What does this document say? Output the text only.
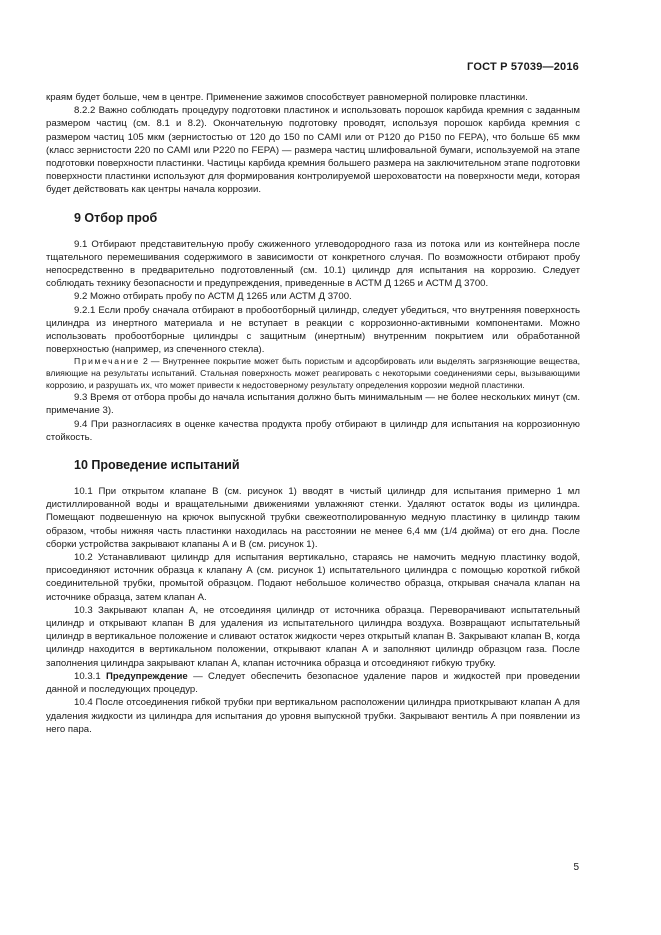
ГОСТ Р 57039—2016

краям будет больше, чем в центре. Применение зажимов способствует равномерной полировке пластинки.

8.2.2 Важно соблюдать процедуру подготовки пластинок и использовать порошок карбида кремния с заданным размером частиц (см. 8.1 и 8.2). Окончательную подготовку проводят, используя порошок карбида кремния с размером частиц 105 мкм (зернистостью от 120 до 150 по CAMI или от P120 до P150 по FEPA), что больше 65 мкм (класс зернистости 220 по CAMI или P220 по FEPA) — размера частиц шлифовальной бумаги, используемой на этапе подготовки поверхности пластинки. Частицы карбида кремния большего размера на заключительном этапе подготовки поверхности пластинки используют для формирования контролируемой шероховатости на поверхности меди, которая будет действовать как центры начала коррозии.

9 Отбор проб

9.1 Отбирают представительную пробу сжиженного углеводородного газа из потока или из контейнера после тщательного перемешивания содержимого в зависимости от конкретного случая. По возможности отбирают пробу непосредственно в предварительно подготовленный (см. 10.1) цилиндр для испытания на коррозию. Следует соблюдать технику безопасности и предупреждения, приведенные в АСТМ Д 1265 и АСТМ Д 3700.

9.2 Можно отбирать пробу по АСТМ Д 1265 или АСТМ Д 3700.

9.2.1 Если пробу сначала отбирают в пробоотборный цилиндр, следует убедиться, что внутренняя поверхность цилиндра из инертного материала и не вступает в реакции с коррозионно-активными компонентами. Можно использовать пробоотборные цилиндры с защитным (инертным) внутренним покрытием или обработанной поверхностью (например, из спеченного стекла).

Примечание 2 — Внутреннее покрытие может быть пористым и адсорбировать или выделять загрязняющие вещества, влияющие на результаты испытаний. Стальная поверхность может реагировать с некоторыми соединениями серы, вызывающими коррозию, и разрушать их, что может привести к недостоверному результату определения коррозии медной пластинки.

9.3 Время от отбора пробы до начала испытания должно быть минимальным — не более нескольких минут (см. примечание 3).

9.4 При разногласиях в оценке качества продукта пробу отбирают в цилиндр для испытания на коррозионную стойкость.

10 Проведение испытаний

10.1 При открытом клапане В (см. рисунок 1) вводят в чистый цилиндр для испытания примерно 1 мл дистиллированной воды и вращательными движениями увлажняют стенки. Удаляют остаток воды из цилиндра. Помещают подвешенную на крючок выпускной трубки свежеотполированную медную пластинку в цилиндр таким образом, чтобы нижняя часть пластинки находилась на расстоянии не менее 6,4 мм (1/4 дюйма) от его дна. После сборки устройства закрывают клапаны А и В (см. рисунок 1).

10.2 Устанавливают цилиндр для испытания вертикально, стараясь не намочить медную пластинку водой, присоединяют источник образца к клапану А (см. рисунок 1) испытательного цилиндра с помощью короткой гибкой соединительной трубки, промытой образцом. Подают небольшое количество образца, открывая сначала клапан на источнике образца, затем клапан А.

10.3 Закрывают клапан А, не отсоединяя цилиндр от источника образца. Переворачивают испытательный цилиндр и открывают клапан В для удаления из испытательного цилиндра воздуха. Возвращают испытательный цилиндр в вертикальное положение и сливают остаток жидкости через открытый клапан В. Закрывают клапан В, когда цилиндр находится в вертикальном положении, открывают клапан А и заполняют цилиндр образцом газа. После заполнения цилиндра закрывают клапан А, клапан источника образца и отсоединяют гибкую трубку.

10.3.1 Предупреждение — Следует обеспечить безопасное удаление паров и жидкостей при проведении данной и последующих процедур.

10.4 После отсоединения гибкой трубки при вертикальном расположении цилиндра приоткрывают клапан А для удаления жидкости из цилиндра для испытания до уровня выпускной трубки. Закрывают вентиль А при появлении из него пара.

5
